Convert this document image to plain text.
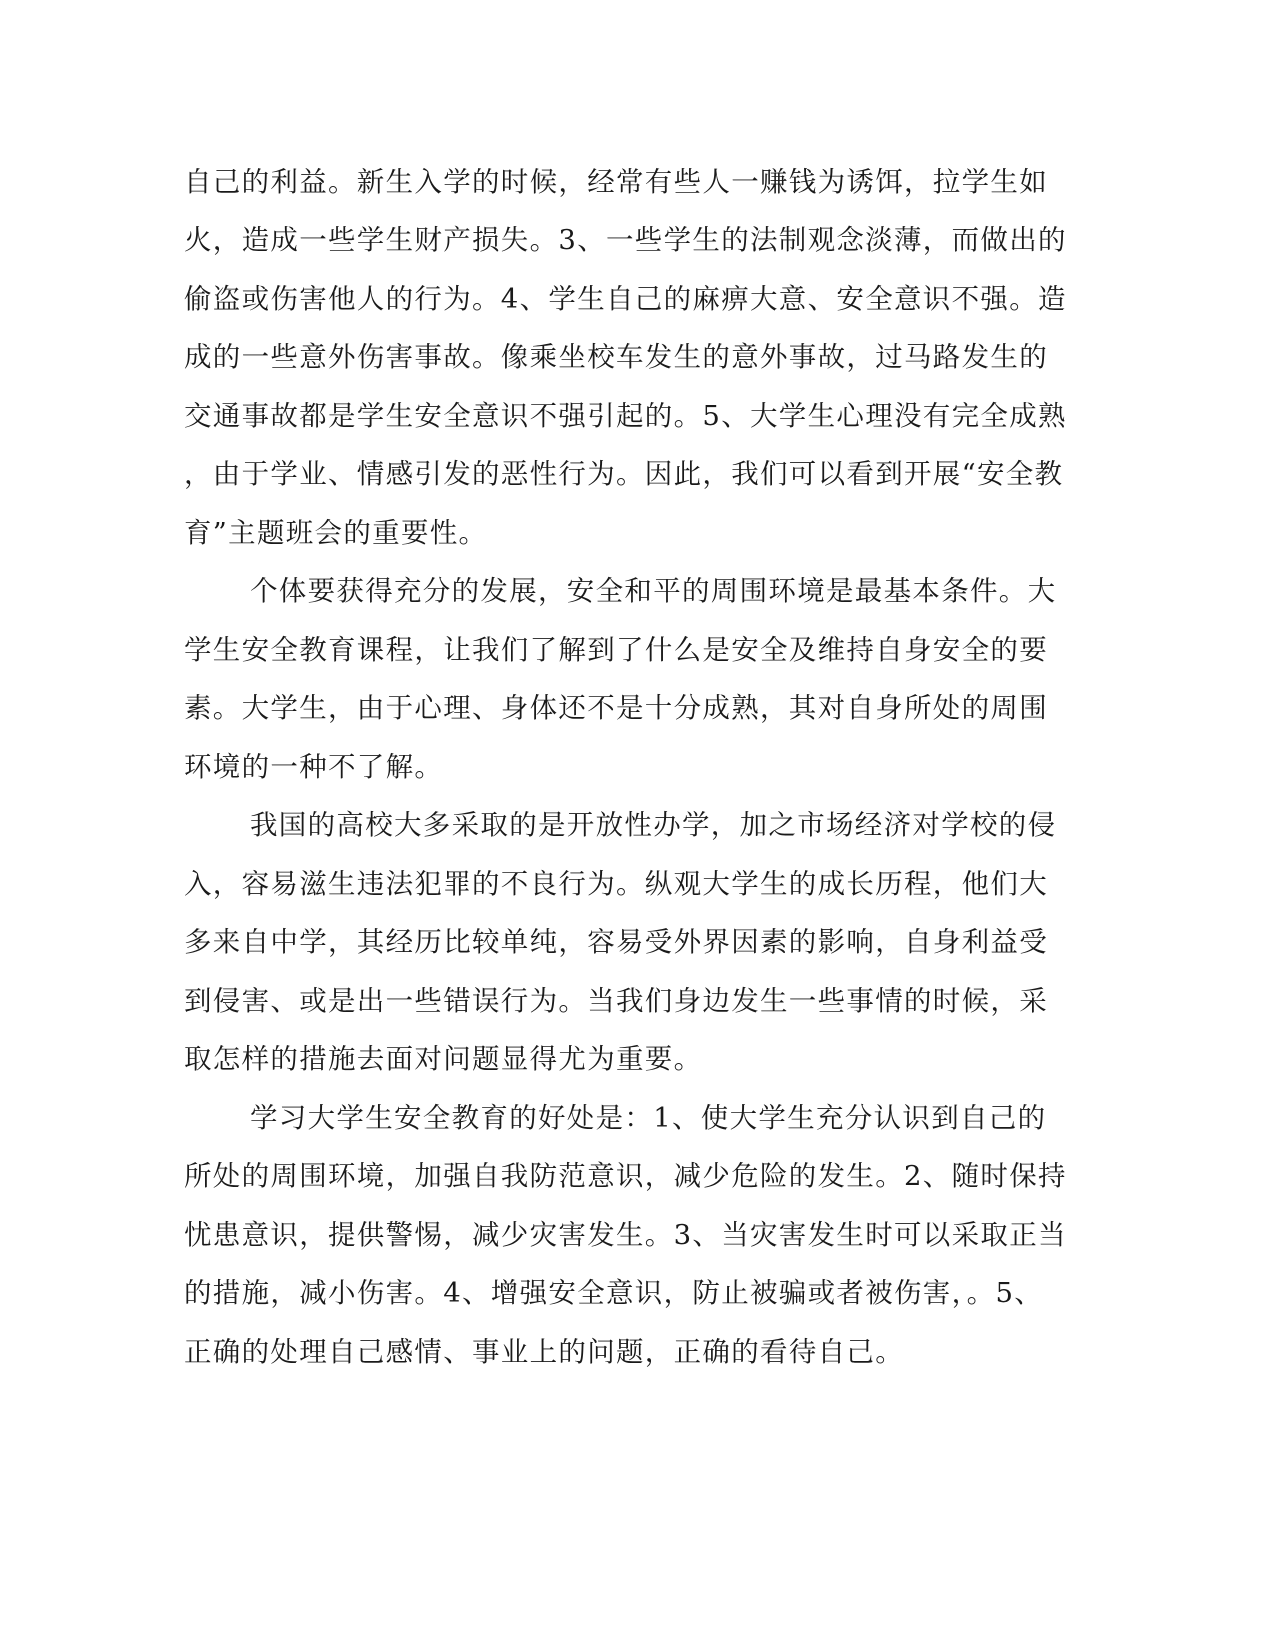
自己的利益。新生入学的时候，经常有些人一赚钱为诱饵，拉学生如
火，造成一些学生财产损失。3、一些学生的法制观念淡薄，而做出的
偷盗或伤害他人的行为。4、学生自己的麻痹大意、安全意识不强。造
成的一些意外伤害事故。像乘坐校车发生的意外事故，过马路发生的
交通事故都是学生安全意识不强引起的。5、大学生心理没有完全成熟
，由于学业、情感引发的恶性行为。因此，我们可以看到开展“安全教
育”主题班会的重要性。
个体要获得充分的发展，安全和平的周围环境是最基本条件。大
学生安全教育课程，让我们了解到了什么是安全及维持自身安全的要
素。大学生，由于心理、身体还不是十分成熟，其对自身所处的周围
环境的一种不了解。
我国的高校大多采取的是开放性办学，加之市场经济对学校的侵
入，容易滋生违法犯罪的不良行为。纵观大学生的成长历程，他们大
多来自中学，其经历比较单纯，容易受外界因素的影响，自身利益受
到侵害、或是出一些错误行为。当我们身边发生一些事情的时候，采
取怎样的措施去面对问题显得尤为重要。
学习大学生安全教育的好处是：1、使大学生充分认识到自己的
所处的周围环境，加强自我防范意识，减少危险的发生。2、随时保持
忧患意识，提供警惕，减少灾害发生。3、当灾害发生时可以采取正当
的措施，减小伤害。4、增强安全意识，防止被骗或者被伤害，。5、
正确的处理自己感情、事业上的问题，正确的看待自己。
